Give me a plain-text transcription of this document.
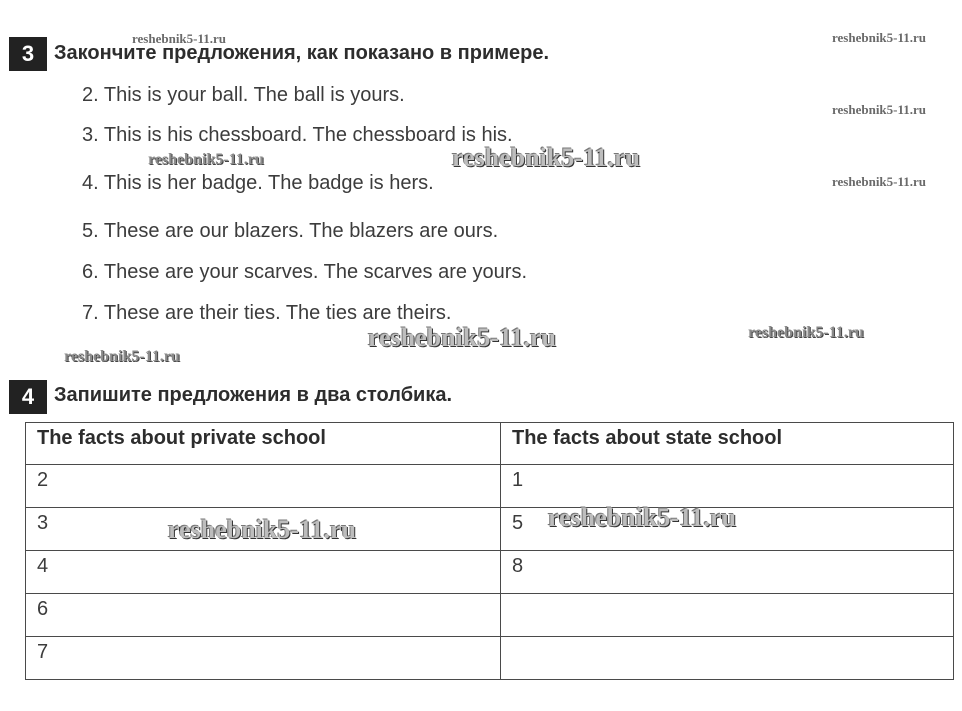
3 Закончите предложения, как показано в примере.
2. This is your ball. The ball is yours.
3. This is his chessboard. The chessboard is his.
4. This is her badge. The badge is hers.
5. These are our blazers. The blazers are ours.
6. These are your scarves. The scarves are yours.
7. These are their ties. The ties are theirs.
4 Запишите предложения в два столбика.
The facts about private school	The facts about state school
2	1
3	5
4	8
6	
7	
reshebnik5-11.ru	reshebnik5-11.ru
reshebnik5-11.ru
reshebnik5-11.ru
reshebnik5-11.ru	reshebnik5-11.ru
reshebnik5-11.ru	reshebnik5-11.ru
reshebnik5-11.ru
reshebnik5-11.ru	reshebnik5-11.ru
